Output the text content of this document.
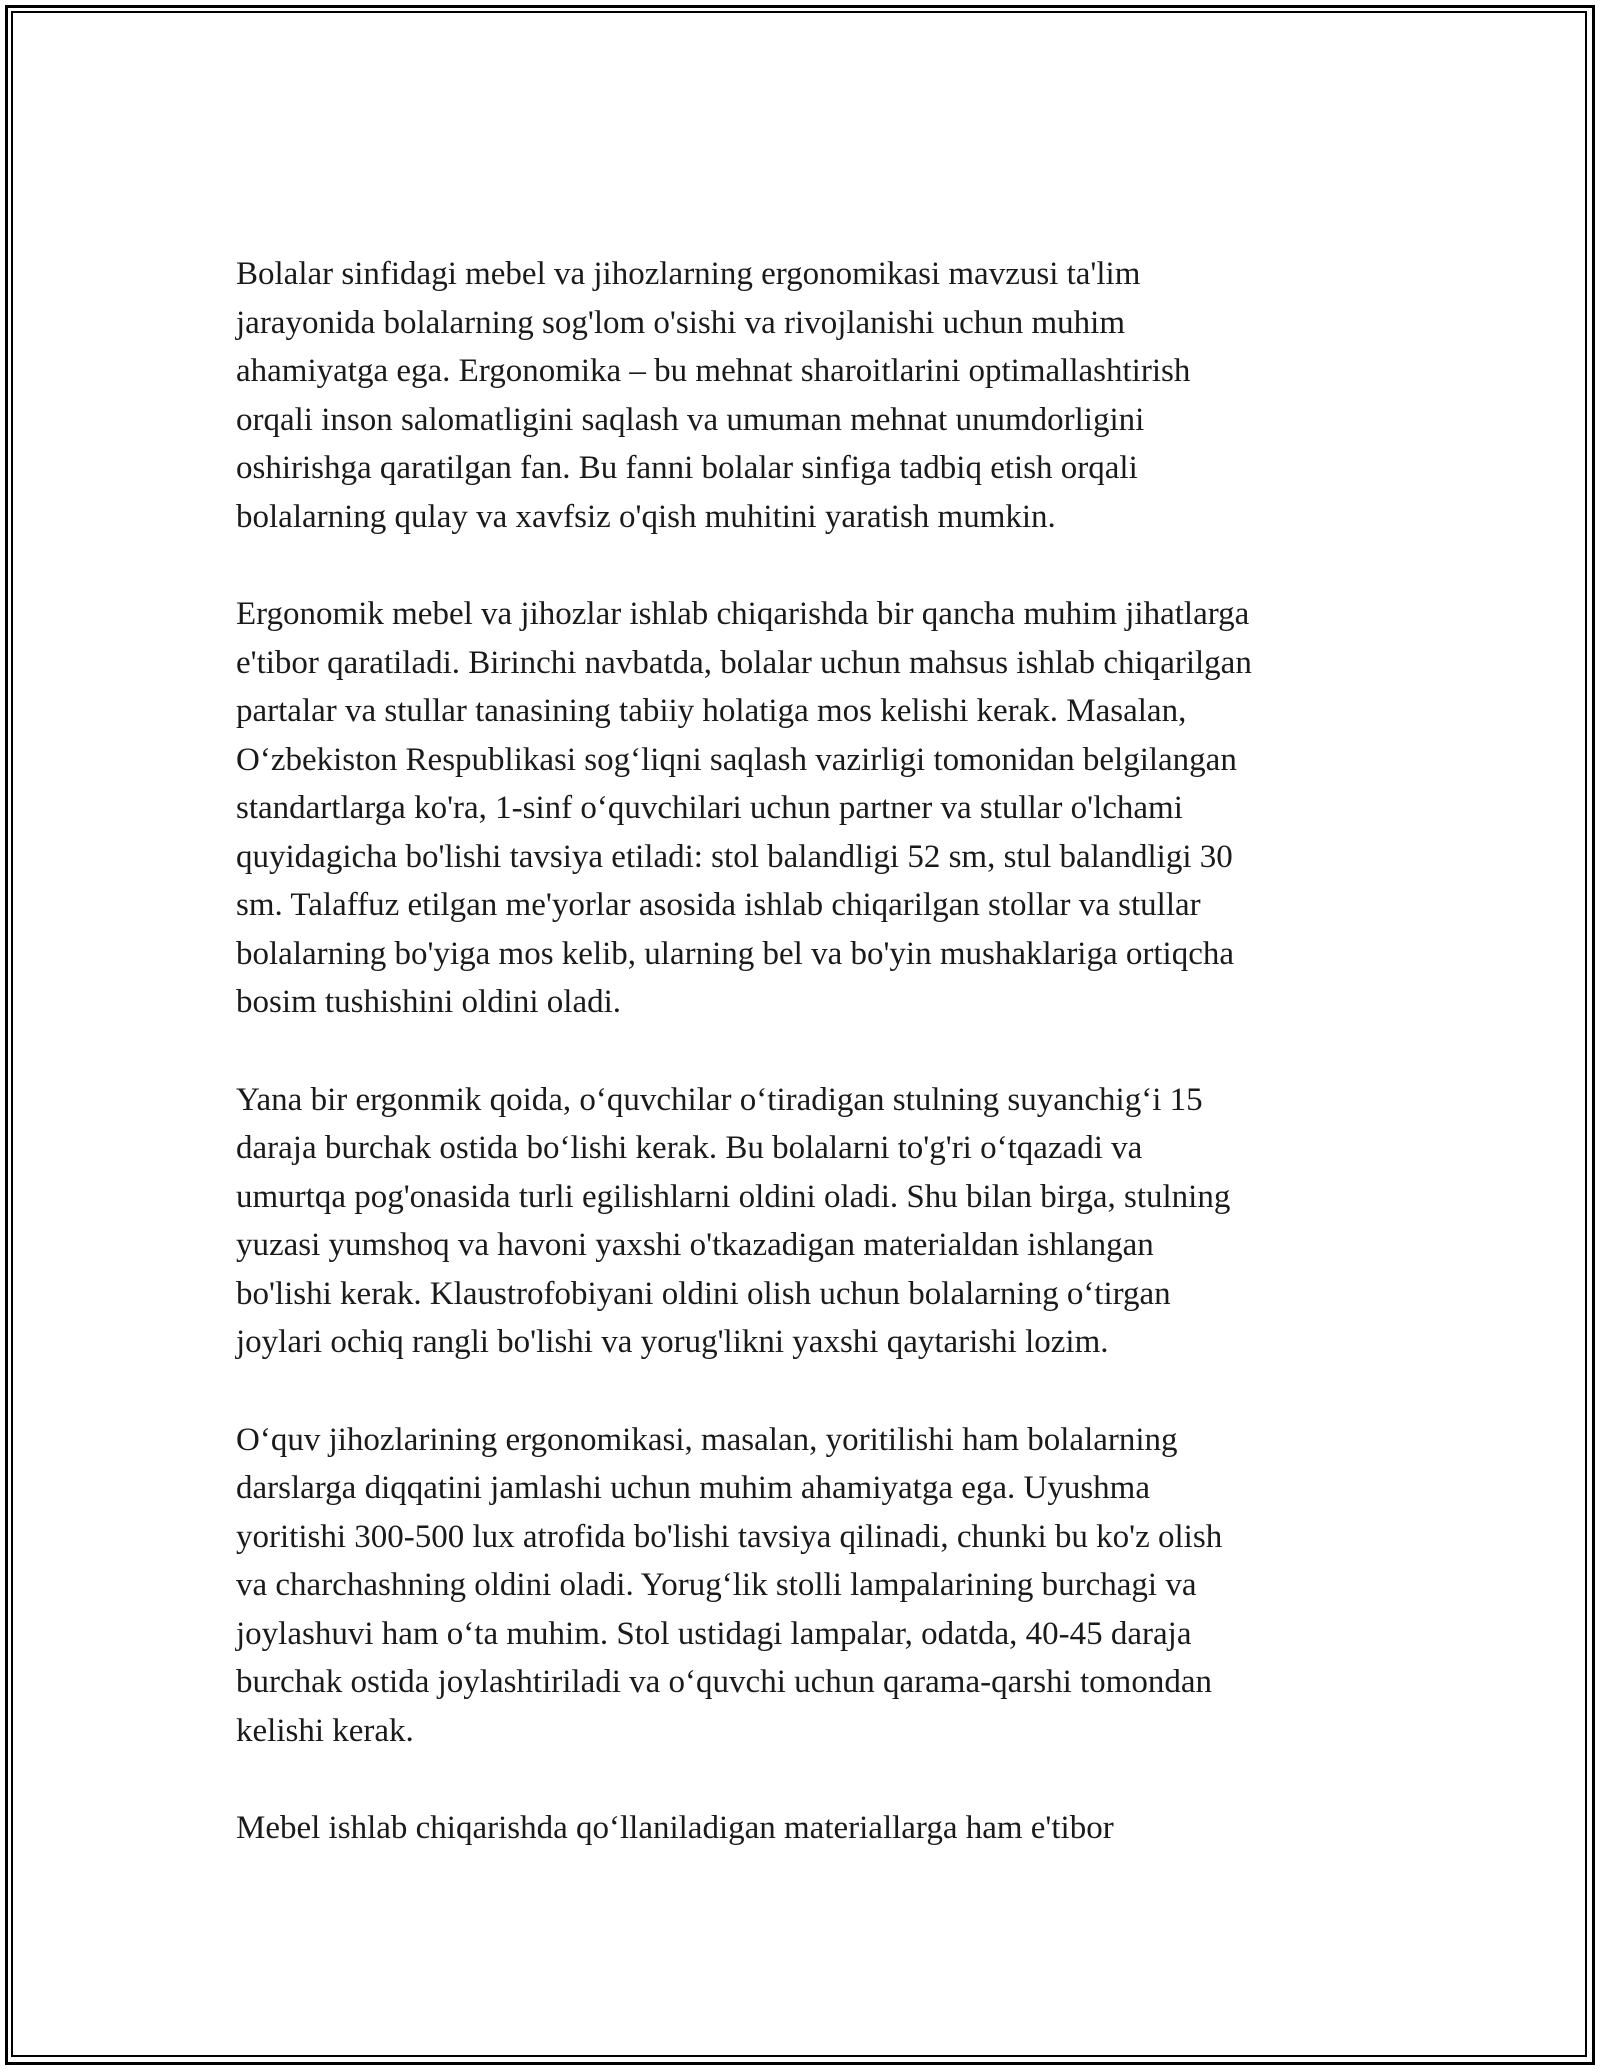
Bolalar sinfidagi mebel va jihozlarning ergonomikasi mavzusi ta'lim
jarayonida bolalarning sog'lom o'sishi va rivojlanishi uchun muhim
ahamiyatga ega. Ergonomika – bu mehnat sharoitlarini optimallashtirish
orqali inson salomatligini saqlash va umuman mehnat unumdorligini
oshirishga qaratilgan fan. Bu fanni bolalar sinfiga tadbiq etish orqali
bolalarning qulay va xavfsiz o'qish muhitini yaratish mumkin.
Ergonomik mebel va jihozlar ishlab chiqarishda bir qancha muhim jihatlarga
e'tibor qaratiladi. Birinchi navbatda, bolalar uchun mahsus ishlab chiqarilgan
partalar va stullar tanasining tabiiy holatiga mos kelishi kerak. Masalan,
O‘zbekiston Respublikasi sog‘liqni saqlash vazirligi tomonidan belgilangan
standartlarga ko'ra, 1-sinf o‘quvchilari uchun partner va stullar o'lchami
quyidagicha bo'lishi tavsiya etiladi: stol balandligi 52 sm, stul balandligi 30
sm. Talaffuz etilgan me'yorlar asosida ishlab chiqarilgan stollar va stullar
bolalarning bo'yiga mos kelib, ularning bel va bo'yin mushaklariga ortiqcha
bosim tushishini oldini oladi.
Yana bir ergonmik qoida, o‘quvchilar o‘tiradigan stulning suyanchig‘i 15
daraja burchak ostida bo‘lishi kerak. Bu bolalarni to'g'ri o‘tqazadi va
umurtqa pog'onasida turli egilishlarni oldini oladi. Shu bilan birga, stulning
yuzasi yumshoq va havoni yaxshi o'tkazadigan materialdan ishlangan
bo'lishi kerak. Klaustrofobiyani oldini olish uchun bolalarning o‘tirgan
joylari ochiq rangli bo'lishi va yorug'likni yaxshi qaytarishi lozim.
O‘quv jihozlarining ergonomikasi, masalan, yoritilishi ham bolalarning
darslarga diqqatini jamlashi uchun muhim ahamiyatga ega. Uyushma
yoritishi 300-500 lux atrofida bo'lishi tavsiya qilinadi, chunki bu ko'z olish
va charchashning oldini oladi. Yorug‘lik stolli lampalarining burchagi va
joylashuvi ham o‘ta muhim. Stol ustidagi lampalar, odatda, 40-45 daraja
burchak ostida joylashtiriladi va o‘quvchi uchun qarama-qarshi tomondan
kelishi kerak.
Mebel ishlab chiqarishda qo‘llaniladigan materiallarga ham e'tibor
